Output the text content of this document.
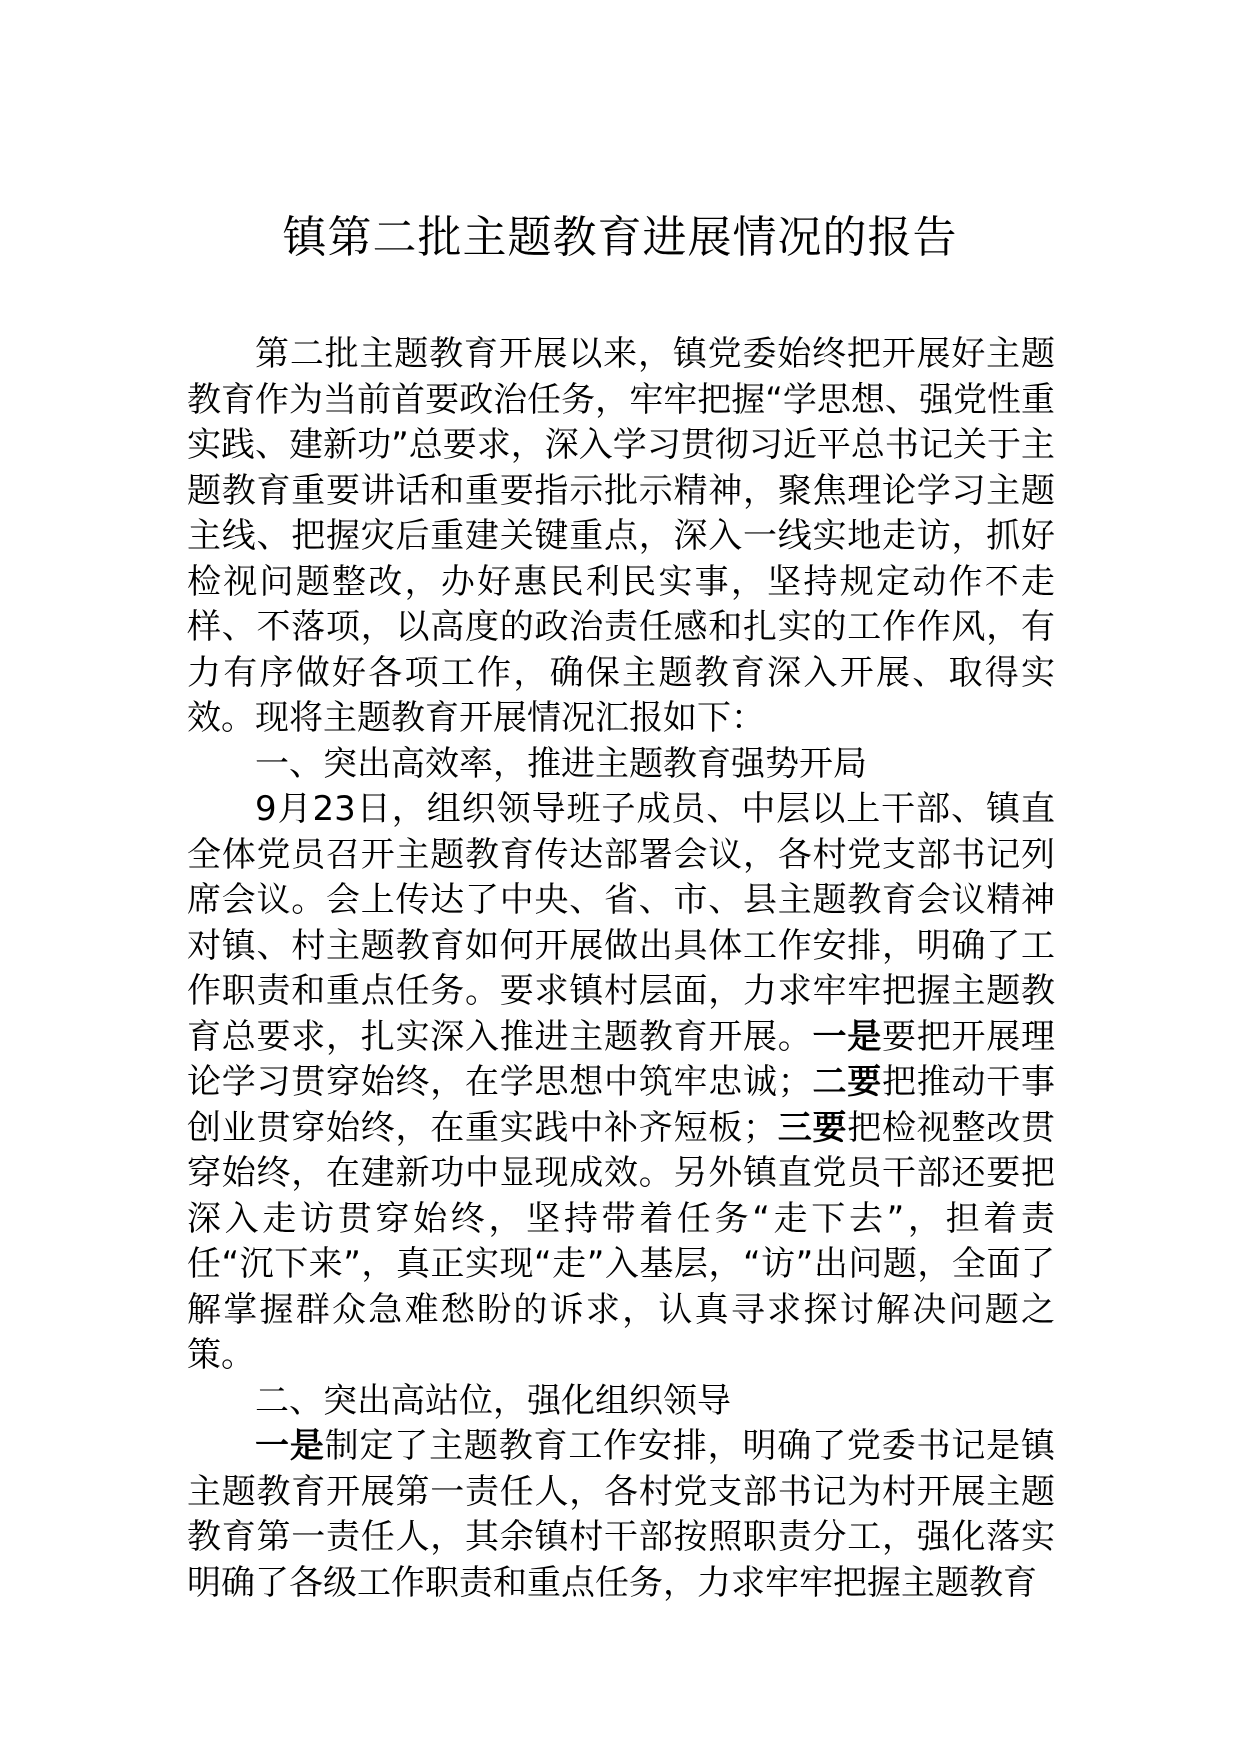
镇第二批主题教育进展情况的报告

第二批主题教育开展以来，镇党委始终把开展好主题教育作为当前首要政治任务，牢牢把握“学思想、强党性重实践、建新功”总要求，深入学习贯彻习近平总书记关于主题教育重要讲话和重要指示批示精神，聚焦理论学习主题主线、把握灾后重建关键重点，深入一线实地走访，抓好检视问题整改，办好惠民利民实事，坚持规定动作不走样、不落项，以高度的政治责任感和扎实的工作作风，有力有序做好各项工作，确保主题教育深入开展、取得实效。现将主题教育开展情况汇报如下：

一、突出高效率，推进主题教育强势开局

9月23日，组织领导班子成员、中层以上干部、镇直全体党员召开主题教育传达部署会议，各村党支部书记列席会议。会上传达了中央、省、市、县主题教育会议精神对镇、村主题教育如何开展做出具体工作安排，明确了工作职责和重点任务。要求镇村层面，力求牢牢把握主题教育总要求，扎实深入推进主题教育开展。一是要把开展理论学习贯穿始终，在学思想中筑牢忠诚；二要把推动干事创业贯穿始终，在重实践中补齐短板；三要把检视整改贯穿始终，在建新功中显现成效。另外镇直党员干部还要把深入走访贯穿始终，坚持带着任务“走下去”，担着责任“沉下来”，真正实现“走”入基层，“访”出问题，全面了解掌握群众急难愁盼的诉求，认真寻求探讨解决问题之策。

二、突出高站位，强化组织领导

一是制定了主题教育工作安排，明确了党委书记是镇主题教育开展第一责任人，各村党支部书记为村开展主题教育第一责任人，其余镇村干部按照职责分工，强化落实明确了各级工作职责和重点任务，力求牢牢把握主题教育
